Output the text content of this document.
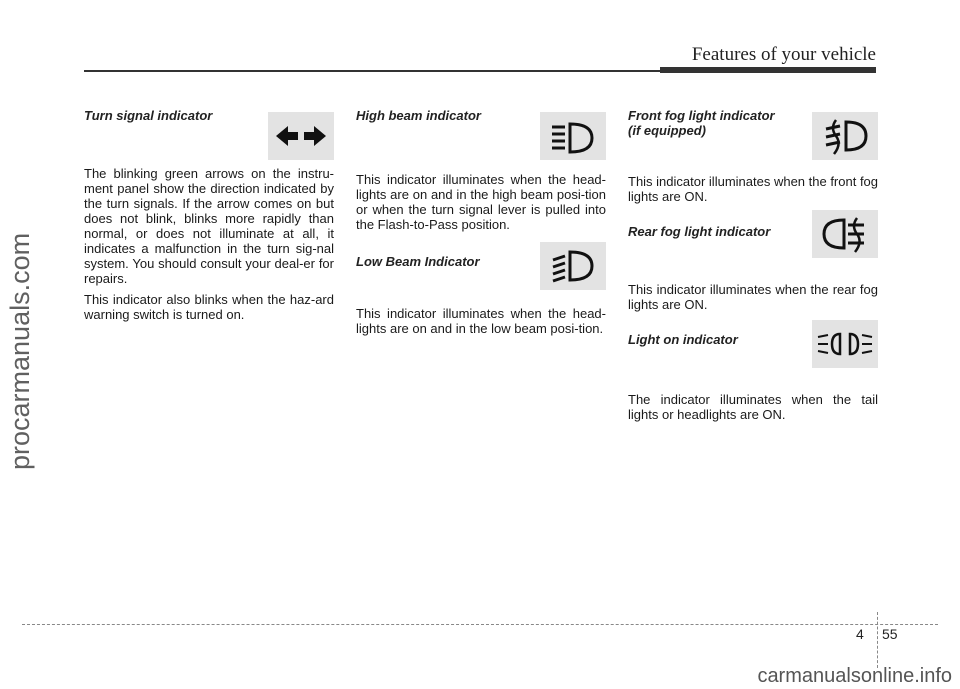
Features of your vehicle
procarmanuals.com

Turn signal indicator

The blinking green arrows on the instru-ment panel show the direction indicated by the turn signals. If the arrow comes on but does not blink, blinks more rapidly than normal, or does not illuminate at all, it indicates a malfunction in the turn sig-nal system. You should consult your deal-er for repairs.

This indicator also blinks when the haz-ard warning switch is turned on.

High beam indicator

This indicator illuminates when the head-lights are on and in the high beam posi-tion or when the turn signal lever is pulled into the Flash-to-Pass position.

Low Beam Indicator

This indicator illuminates when the head-lights are on and in the low beam posi-tion.

Front fog light indicator
(if equipped)

This indicator illuminates when the front fog lights are ON.

Rear fog light indicator

This indicator illuminates when the rear fog lights are ON.

Light on indicator

The indicator illuminates when the tail lights or headlights are ON.

4 55
carmanualsonline.info
